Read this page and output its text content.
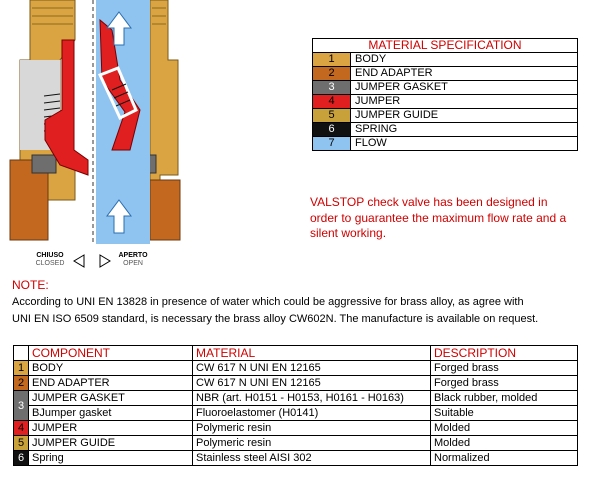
CHIUSO
CLOSED
APERTO
OPEN
MATERIAL SPECIFICATION	
1	BODY
2	END ADAPTER
3	JUMPER GASKET
4	JUMPER
5	JUMPER GUIDE
6	SPRING
7	FLOW
VALSTOP check valve has been designed in order to guarantee the maximum flow rate and a silent working.
NOTE:
According to UNI EN 13828 in presence of water which could be aggressive for brass alloy, as agree with
UNI EN ISO 6509 standard, is necessary the brass alloy CW602N. The manufacture is available on request.
	COMPONENT	MATERIAL	DESCRIPTION
1	BODY	CW 617 N UNI EN 12165	Forged brass
2	END ADAPTER	CW 617 N UNI EN 12165	Forged brass
3	JUMPER GASKET	NBR (art. H0151 - H0153, H0161 - H0163)	Black rubber, molded
	BJumper gasket	Fluoroelastomer (H0141)	Suitable
4	JUMPER	Polymeric resin	Molded
5	JUMPER GUIDE	Polymeric resin	Molded
6	Spring	Stainless steel AISI 302	Normalized
